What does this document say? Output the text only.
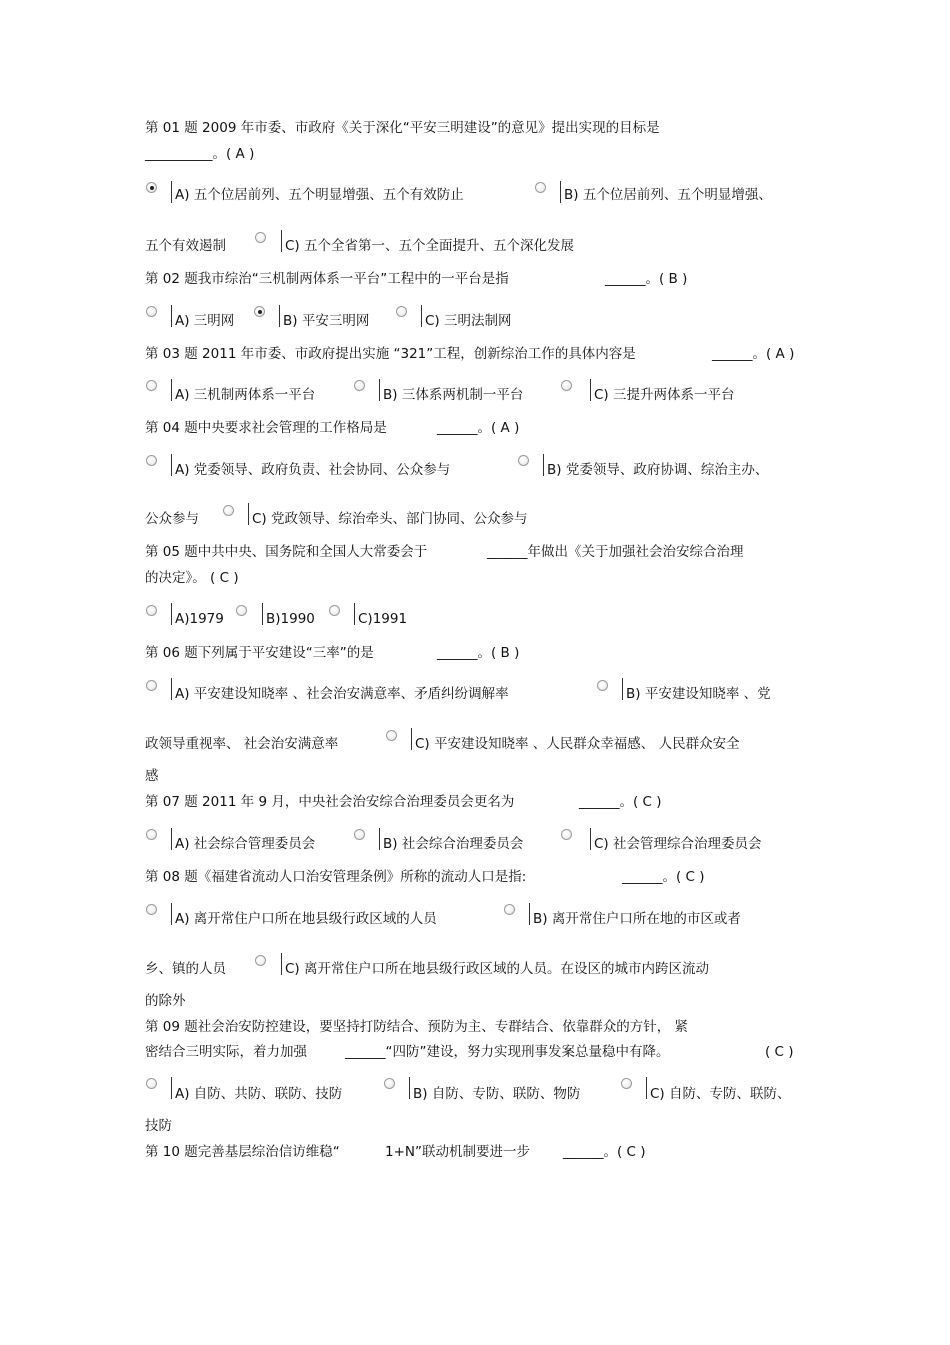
第 01 题 2009 年市委、市政府《关于深化“平安三明建设”的意见》提出实现的目标是
__________。( A )
A) 五个位居前列、五个明显增强、五个有效防止	B) 五个位居前列、五个明显增强、
五个有效遏制	C) 五个全省第一、五个全面提升、五个深化发展
第 02 题我市综治“三机制两体系一平台”工程中的一平台是指	______。( B )
A) 三明网	B) 平安三明网	C) 三明法制网
第 03 题 2011 年市委、市政府提出实施 “321”工程，创新综治工作的具体内容是	______。( A )
A) 三机制两体系一平台	B) 三体系两机制一平台	C) 三提升两体系一平台
第 04 题中央要求社会管理的工作格局是	______。( A )
A) 党委领导、政府负责、社会协同、公众参与	B) 党委领导、政府协调、综治主办、
公众参与	C) 党政领导、综治牵头、部门协同、公众参与
第 05 题中共中央、国务院和全国人大常委会于	______年做出《关于加强社会治安综合治理
的决定》。 ( C )
A)1979	B)1990	C)1991
第 06 题下列属于平安建设“三率”的是	______。( B )
A) 平安建设知晓率 、社会治安满意率、矛盾纠纷调解率	B) 平安建设知晓率 、党
政领导重视率、 社会治安满意率	C) 平安建设知晓率 、人民群众幸福感、 人民群众安全
感
第 07 题 2011 年 9 月，中央社会治安综合治理委员会更名为	______。( C )
A) 社会综合管理委员会	B) 社会综合治理委员会	C) 社会管理综合治理委员会
第 08 题《福建省流动人口治安管理条例》所称的流动人口是指:	______。( C )
A) 离开常住户口所在地县级行政区域的人员	B) 离开常住户口所在地的市区或者
乡、镇的人员	C) 离开常住户口所在地县级行政区域的人员。在设区的城市内跨区流动
的除外
第 09 题社会治安防控建设，要坚持打防结合、预防为主、专群结合、依靠群众的方针， 紧
密结合三明实际，着力加强	______“四防”建设，努力实现刑事发案总量稳中有降。	( C )
A) 自防、共防、联防、技防	B) 自防、专防、联防、物防	C) 自防、专防、联防、
技防
第 10 题完善基层综治信访维稳“	1+N”联动机制要进一步 ______。( C )
